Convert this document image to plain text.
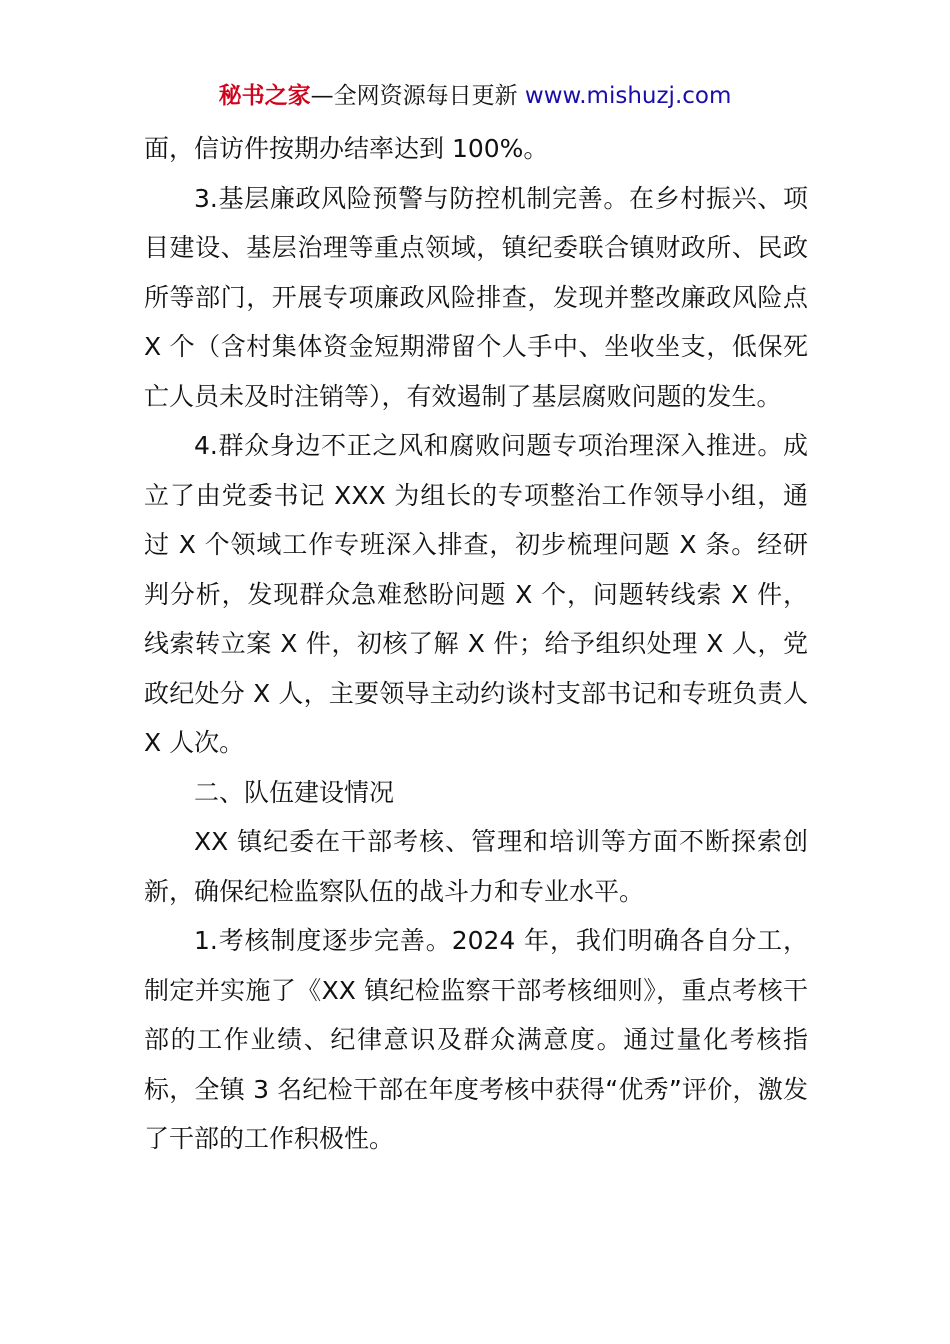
秘书之家—全网资源每日更新 www.mishuzj.com

面，信访件按期办结率达到 100%。

3.基层廉政风险预警与防控机制完善。在乡村振兴、项目建设、基层治理等重点领域，镇纪委联合镇财政所、民政所等部门，开展专项廉政风险排查，发现并整改廉政风险点 X 个（含村集体资金短期滞留个人手中、坐收坐支，低保死亡人员未及时注销等），有效遏制了基层腐败问题的发生。

4.群众身边不正之风和腐败问题专项治理深入推进。成立了由党委书记 XXX 为组长的专项整治工作领导小组，通过 X 个领域工作专班深入排查，初步梳理问题 X 条。经研判分析，发现群众急难愁盼问题 X 个，问题转线索 X 件，线索转立案 X 件，初核了解 X 件；给予组织处理 X 人，党政纪处分 X 人，主要领导主动约谈村支部书记和专班负责人 X 人次。

二、队伍建设情况

XX 镇纪委在干部考核、管理和培训等方面不断探索创新，确保纪检监察队伍的战斗力和专业水平。

1.考核制度逐步完善。2024 年，我们明确各自分工，制定并实施了《XX 镇纪检监察干部考核细则》，重点考核干部的工作业绩、纪律意识及群众满意度。通过量化考核指标，全镇 3 名纪检干部在年度考核中获得“优秀”评价，激发了干部的工作积极性。
